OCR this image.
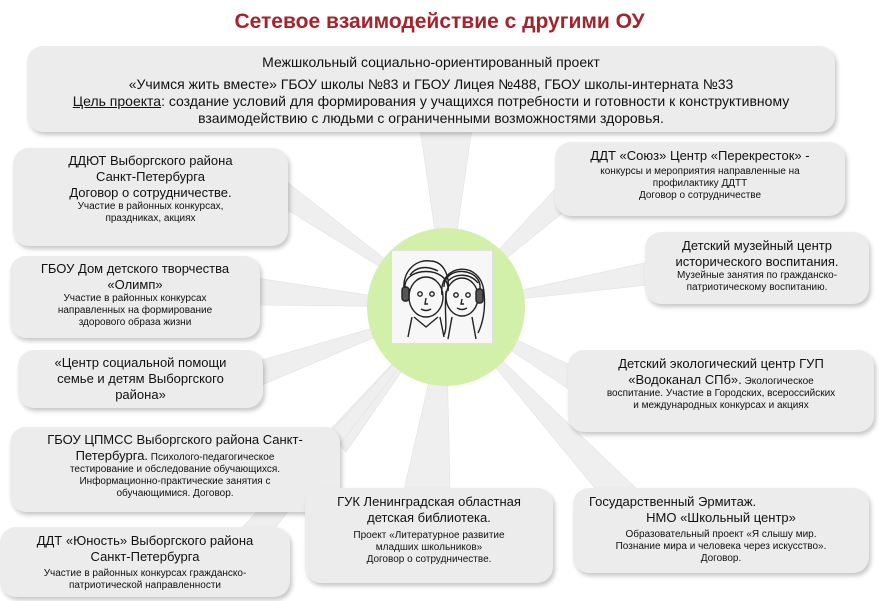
Сетевое взаимодействие с другими ОУ
Межшкольный социально-ориентированный проект
«Учимся жить вместе» ГБОУ школы №83 и ГБОУ Лицея №488, ГБОУ школы-интерната №33
Цель проекта: создание условий для формирования у учащихся потребности и готовности к конструктивному взаимодействию с людьми с ограниченными возможностями здоровья.
ДДЮТ Выборгского района
Санкт-Петербурга
Договор о сотрудничестве.
Участие в районных конкурсах,
праздниках, акциях
ГБОУ Дом детского творчества
«Олимп»
Участие в районных конкурсах
направленных на формирование
здорового образа жизни
«Центр социальной помощи
семье и детям Выборгского
района»
ГБОУ ЦПМСС Выборгского района Санкт-
Петербурга. Психолого-педагогическое
тестирование и обследование обучающихся.
Информационно-практические занятия с
обучающимися. Договор.
ДДТ «Юность» Выборгского района
Санкт-Петербурга
Участие в районных конкурсах гражданско-
патриотической направленности
ГУК Ленинградская областная
детская библиотека.
Проект «Литературное развитие
младших школьников»
Договор о сотрудничестве.
Государственный Эрмитаж.
НМО «Школьный центр»
Образовательный проект «Я слышу мир.
Познание мира и человека через искусство».
Договор.
Детский экологический центр ГУП
«Водоканал СПб». Экологическое
воспитание. Участие в Городских, всероссийских
и международных конкурсах и акциях
Детский музейный центр
исторического воспитания.
Музейные занятия по гражданско-
патриотическому воспитанию.
ДДТ «Союз» Центр «Перекресток» -
конкурсы и мероприятия направленные на
профилактику ДДТТ
Договор о сотрудничестве
